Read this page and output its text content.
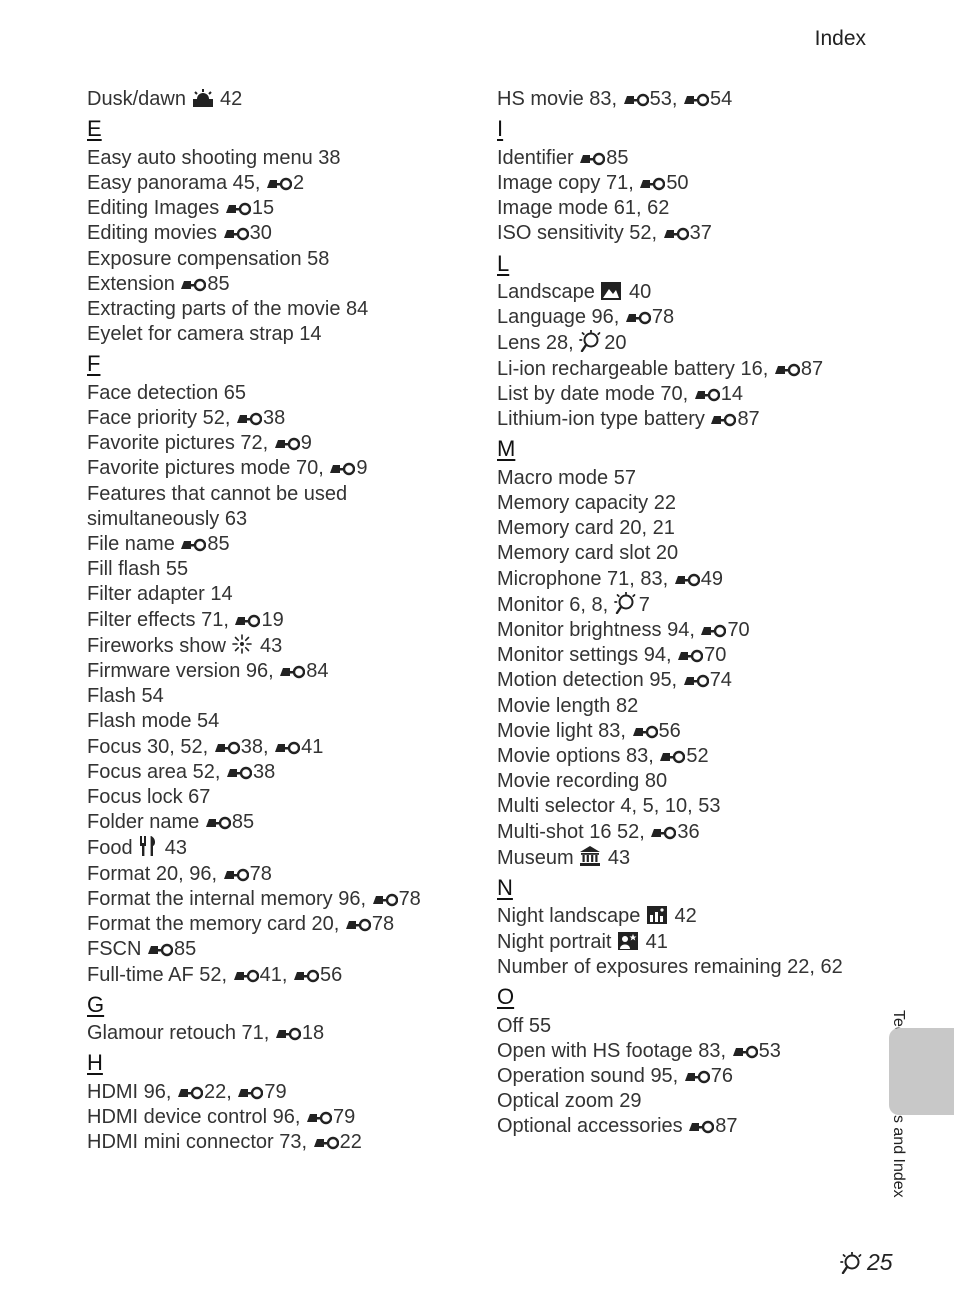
Index
Dusk/dawn
42
E
Easy auto shooting menu 38
Easy panorama 45,
2
Editing Images
15
Editing movies
30
Exposure compensation 58
Extension
85
Extracting parts of the movie 84
Eyelet for camera strap 14
F
Face detection 65
Face priority 52,
38
Favorite pictures 72,
9
Favorite pictures mode 70,
9
Features that cannot be used
simultaneously 63
File name
85
Fill flash 55
Filter adapter 14
Filter effects 71,
19
Fireworks show
43
Firmware version 96,
84
Flash 54
Flash mode 54
Focus 30, 52,
38,
41
Focus area 52,
38
Focus lock 67
Folder name
85
Food
43
Format 20, 96,
78
Format the internal memory 96,
78
Format the memory card 20,
78
FSCN
85
Full-time AF 52,
41,
56
G
Glamour retouch 71,
18
H
HDMI 96,
22,
79
HDMI device control 96,
79
HDMI mini connector 73,
22
HS movie 83,
53,
54
I
Identifier
85
Image copy 71,
50
Image mode 61, 62
ISO sensitivity 52,
37
L
Landscape
40
Language 96,
78
Lens 28,
20
Li-ion rechargeable battery 16,
87
List by date mode 70,
14
Lithium-ion type battery
87
M
Macro mode 57
Memory capacity 22
Memory card 20, 21
Memory card slot 20
Microphone 71, 83,
49
Monitor 6, 8,
7
Monitor brightness 94,
70
Monitor settings 94,
70
Motion detection 95,
74
Movie length 82
Movie light 83,
56
Movie options 83,
52
Movie recording 80
Multi selector 4, 5, 10, 53
Multi-shot 16 52,
36
Museum
43
N
Night landscape
42
Night portrait
41
Number of exposures remaining 22, 62
O
Off 55
Open with HS footage 83,
53
Operation sound 95,
76
Optical zoom 29
Optional accessories
87
25
